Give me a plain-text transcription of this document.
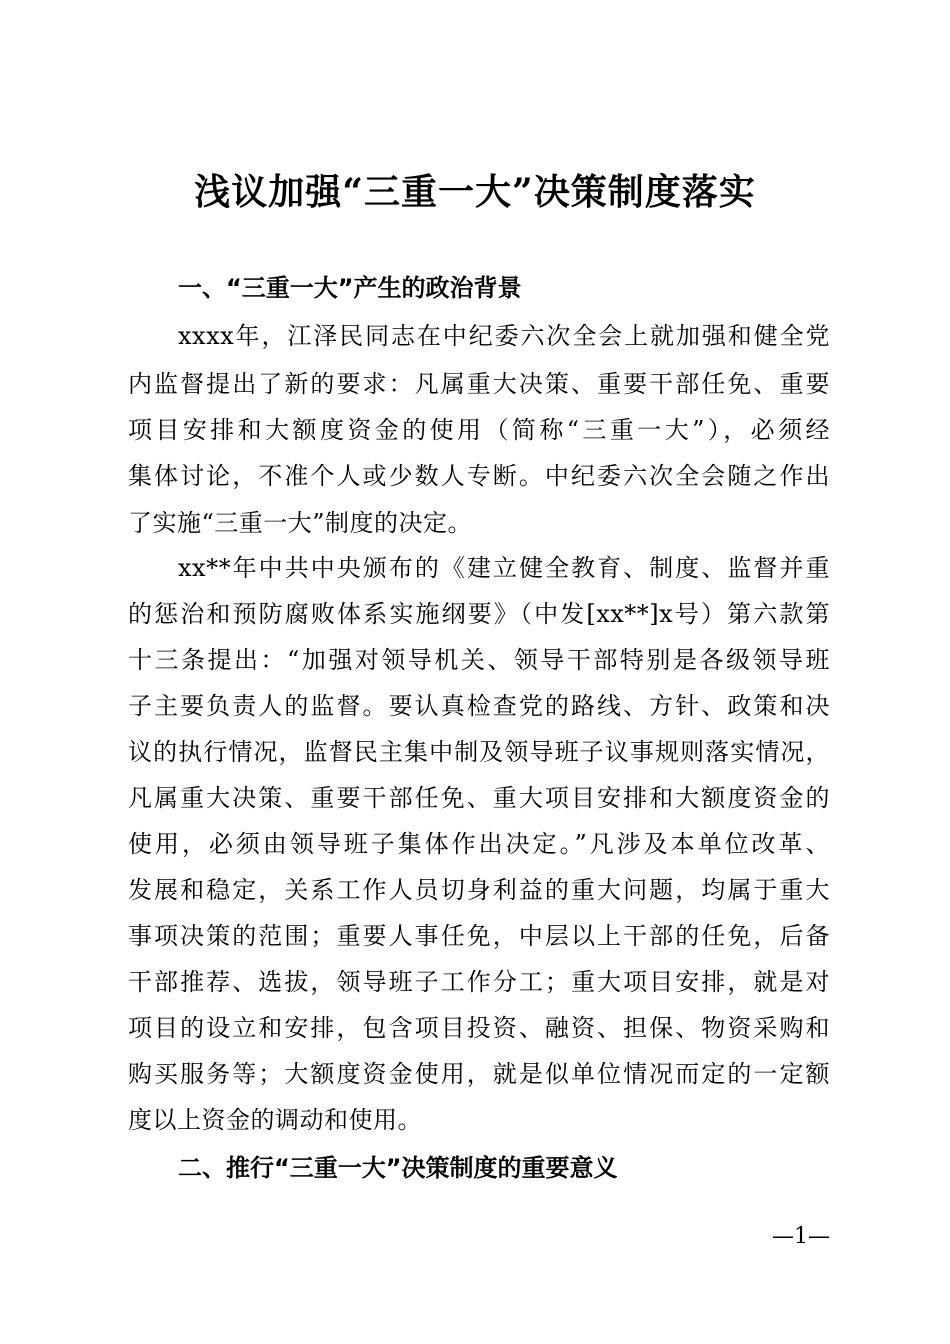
浅议加强“三重一大”决策制度落实
一、“三重一大”产生的政治背景
xxxx年，江泽民同志在中纪委六次全会上就加强和健全党
内监督提出了新的要求：凡属重大决策、重要干部任免、重要
项目安排和大额度资金的使用（简称“三重一大”），必须经
集体讨论，不准个人或少数人专断。中纪委六次全会随之作出
了实施“三重一大”制度的决定。
xx**年中共中央颁布的《建立健全教育、制度、监督并重
的惩治和预防腐败体系实施纲要》（中发[xx**]x号）第六款第
十三条提出：“加强对领导机关、领导干部特别是各级领导班
子主要负责人的监督。要认真检查党的路线、方针、政策和决
议的执行情况，监督民主集中制及领导班子议事规则落实情况，
凡属重大决策、重要干部任免、重大项目安排和大额度资金的
使用，必须由领导班子集体作出决定。”凡涉及本单位改革、
发展和稳定，关系工作人员切身利益的重大问题，均属于重大
事项决策的范围；重要人事任免，中层以上干部的任免，后备
干部推荐、选拔，领导班子工作分工；重大项目安排，就是对
项目的设立和安排，包含项目投资、融资、担保、物资采购和
购买服务等；大额度资金使用，就是似单位情况而定的一定额
度以上资金的调动和使用。
二、推行“三重一大”决策制度的重要意义
—1—
